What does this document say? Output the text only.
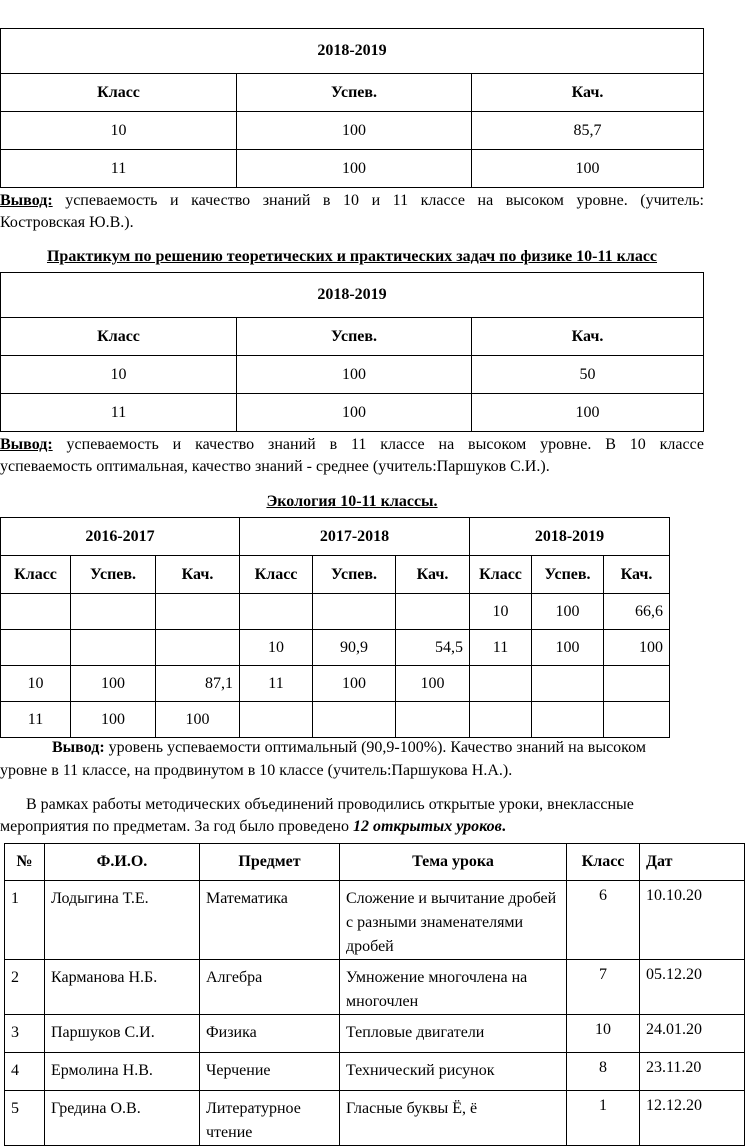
2018-2019		
Класс	Успев.	Кач.
10	100	85,7
11	100	100

Вывод: успеваемость и качество знаний в 10 и 11 классе на высоком уровне. (учитель:

Костровская Ю.В.).

Практикум по решению теоретических и практических задач по физике 10-11 класс

2018-2019		
Класс	Успев.	Кач.
10	100	50
11	100	100

Вывод: успеваемость и качество знаний в 11 классе на высоком уровне. В 10 классе

успеваемость оптимальная, качество знаний - среднее (учитель:Паршуков С.И.).

Экология 10-11 классы.

2016-2017			2017-2018			2018-2019		
Класс	Успев.	Кач.	Класс	Успев.	Кач.	Класс	Успев.	Кач.
						10	100	66,6
			10	90,9	54,5	11	100	100
10	100	87,1	11	100	100			
11	100	100						

Вывод: уровень успеваемости оптимальный (90,9-100%). Качество знаний на высоком

уровне в 11 классе, на продвинутом в 10 классе (учитель:Паршукова Н.А.).

В рамках работы методических объединений проводились открытые уроки, внеклассные

мероприятия по предметам. За год было проведено 12 открытых уроков.

№	Ф.И.О.	Предмет	Тема урока	Класс	Дат
1	Лодыгина Т.Е.	Математика	Сложение и вычитание дробей с разными знаменателями дробей	6	10.10.20
2	Карманова Н.Б.	Алгебра	Умножение многочлена на многочлен	7	05.12.20
3	Паршуков С.И.	Физика	Тепловые двигатели	10	24.01.20
4	Ермолина Н.В.	Черчение	Технический рисунок	8	23.11.20
5	Гредина О.В.	Литературное чтение	Гласные буквы Ё, ё	1	12.12.20
